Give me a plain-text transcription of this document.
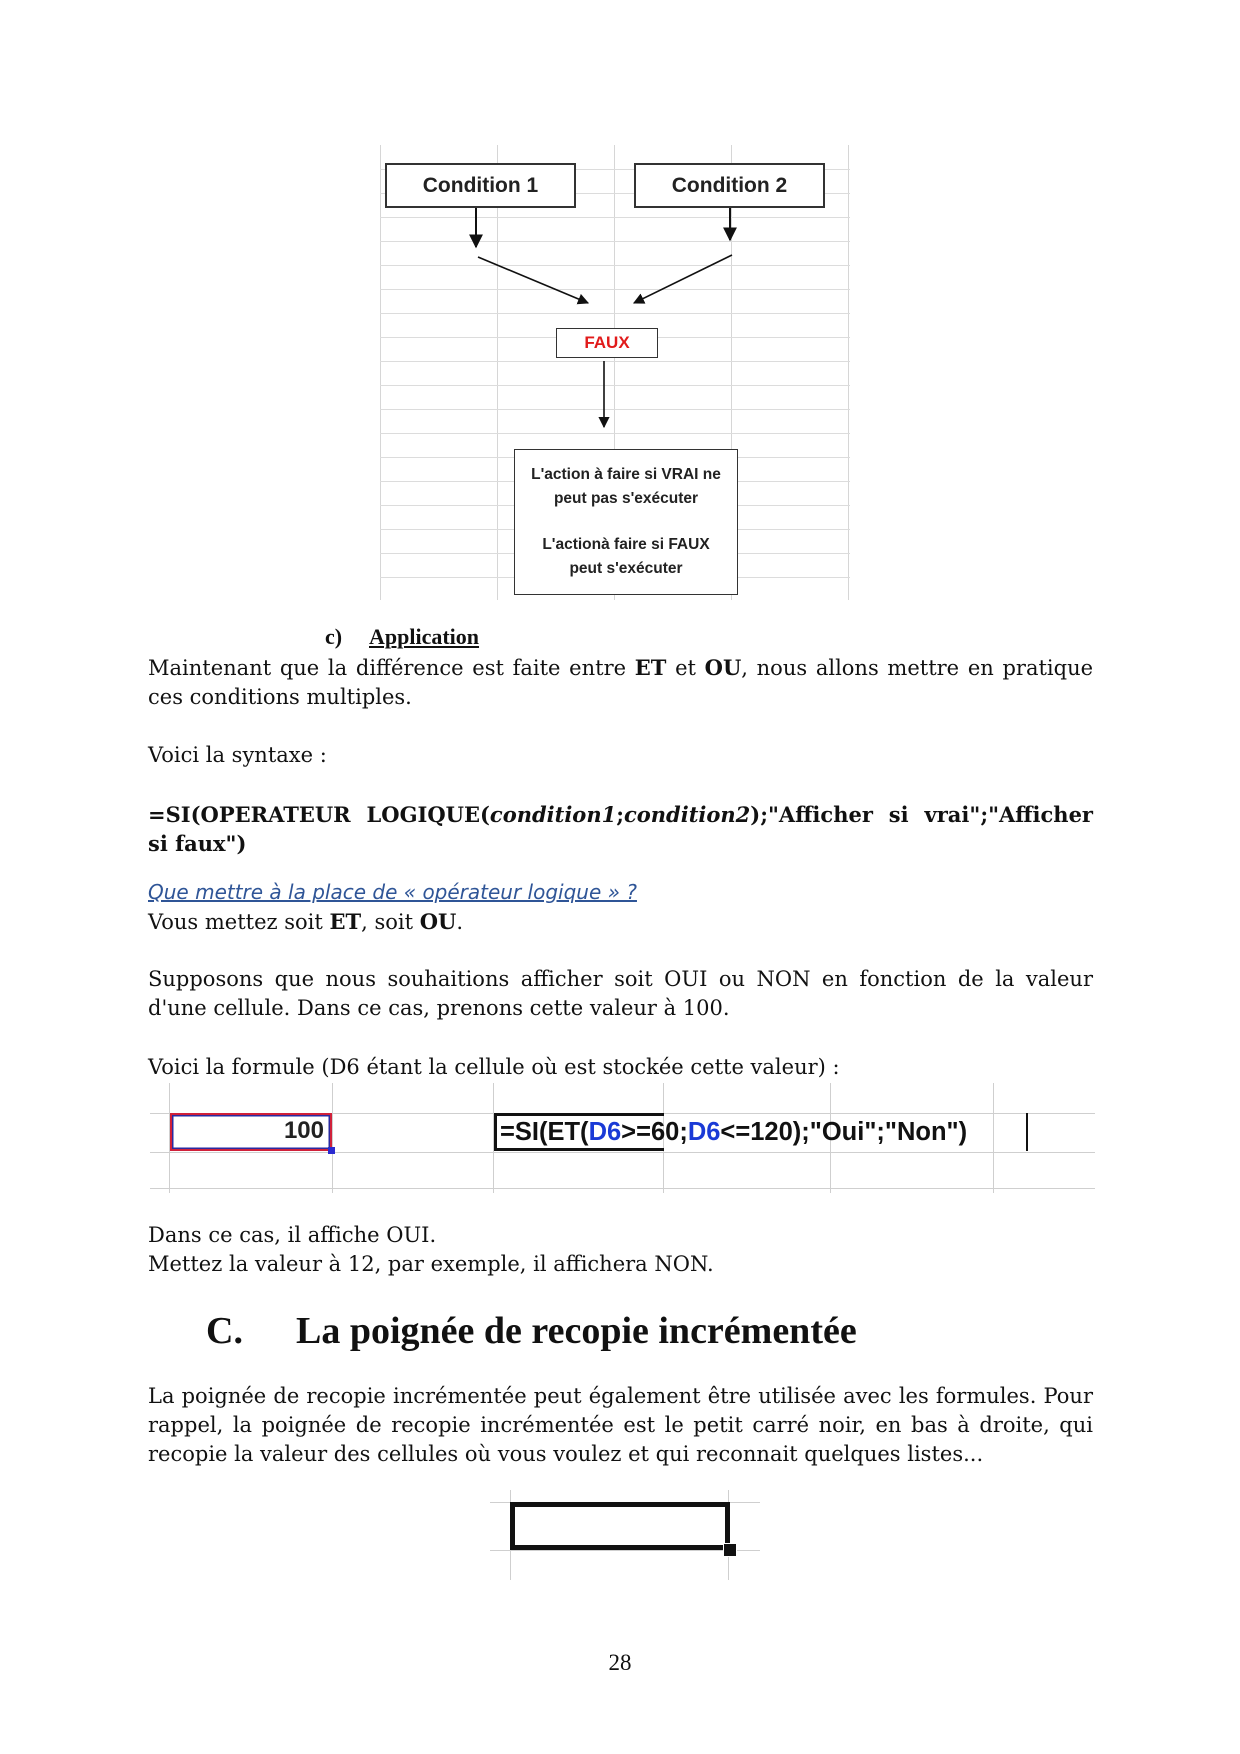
Condition 1	Condition 2
FAUX
L'action à faire si VRAI ne
peut pas s'exécuter
L'actionà faire si FAUX
peut s'exécuter
c) Application

Maintenant que la différence est faite entre ET et OU, nous allons mettre en pratique ces conditions multiples.

Voici la syntaxe :

=SI(OPERATEUR LOGIQUE(condition1;condition2);"Afficher si vrai";"Afficher si faux")

Que mettre à la place de « opérateur logique » ?

Vous mettez soit ET, soit OU.

Supposons que nous souhaitions afficher soit OUI ou NON en fonction de la valeur d'une cellule. Dans ce cas, prenons cette valeur à 100.

Voici la formule (D6 étant la cellule où est stockée cette valeur) :

100	=SI(ET(D6>=60;D6<=120);"Oui";"Non")

Dans ce cas, il affiche OUI.
Mettez la valeur à 12, par exemple, il affichera NON.

C. La poignée de recopie incrémentée

La poignée de recopie incrémentée peut également être utilisée avec les formules. Pour rappel, la poignée de recopie incrémentée est le petit carré noir, en bas à droite, qui recopie la valeur des cellules où vous voulez et qui reconnait quelques listes...

28
